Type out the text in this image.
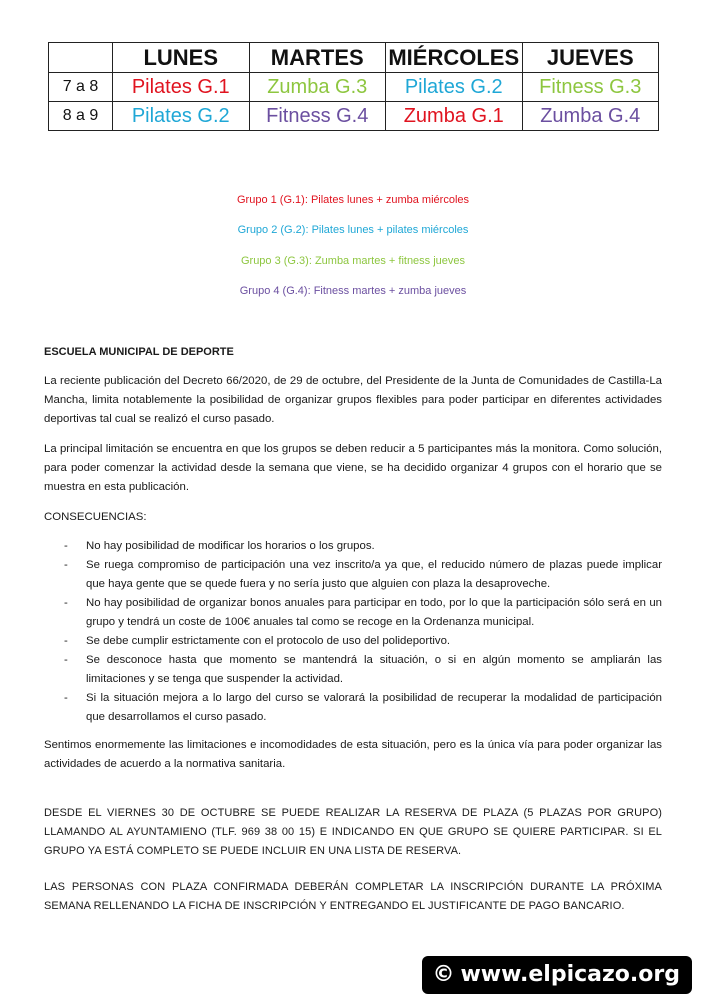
	LUNES	MARTES	MIÉRCOLES	JUEVES
7 a 8	Pilates G.1	Zumba G.3	Pilates G.2	Fitness G.3
8 a 9	Pilates G.2	Fitness G.4	Zumba G.1	Zumba G.4
Grupo 1 (G.1): Pilates lunes + zumba miércoles
Grupo 2 (G.2): Pilates lunes + pilates miércoles
Grupo 3 (G.3): Zumba martes + fitness jueves
Grupo 4 (G.4): Fitness martes + zumba jueves
ESCUELA MUNICIPAL DE DEPORTE
La reciente publicación del Decreto 66/2020, de 29 de octubre, del Presidente de la Junta de Comunidades de Castilla-La Mancha, limita notablemente la posibilidad de organizar grupos flexibles para poder participar en diferentes actividades deportivas tal cual se realizó el curso pasado.
La principal limitación se encuentra en que los grupos se deben reducir a 5 participantes más la monitora. Como solución, para poder comenzar la actividad desde la semana que viene, se ha decidido organizar 4 grupos con el horario que se muestra en esta publicación.
CONSECUENCIAS:
- No hay posibilidad de modificar los horarios o los grupos.
- Se ruega compromiso de participación una vez inscrito/a ya que, el reducido número de plazas puede implicar que haya gente que se quede fuera y no sería justo que alguien con plaza la desaproveche.
- No hay posibilidad de organizar bonos anuales para participar en todo, por lo que la participación sólo será en un grupo y tendrá un coste de 100€ anuales tal como se recoge en la Ordenanza municipal.
- Se debe cumplir estrictamente con el protocolo de uso del polideportivo.
- Se desconoce hasta que momento se mantendrá la situación, o si en algún momento se ampliarán las limitaciones y se tenga que suspender la actividad.
- Si la situación mejora a lo largo del curso se valorará la posibilidad de recuperar la modalidad de participación que desarrollamos el curso pasado.
Sentimos enormemente las limitaciones e incomodidades de esta situación, pero es la única vía para poder organizar las actividades de acuerdo a la normativa sanitaria.
DESDE EL VIERNES 30 DE OCTUBRE SE PUEDE REALIZAR LA RESERVA DE PLAZA (5 PLAZAS POR GRUPO) LLAMANDO AL AYUNTAMIENO (TLF. 969 38 00 15) E INDICANDO EN QUE GRUPO SE QUIERE PARTICIPAR. SI EL GRUPO YA ESTÁ COMPLETO SE PUEDE INCLUIR EN UNA LISTA DE RESERVA.
LAS PERSONAS CON PLAZA CONFIRMADA DEBERÁN COMPLETAR LA INSCRIPCIÓN DURANTE LA PRÓXIMA SEMANA RELLENANDO LA FICHA DE INSCRIPCIÓN Y ENTREGANDO EL JUSTIFICANTE DE PAGO BANCARIO.
© www.elpicazo.org
